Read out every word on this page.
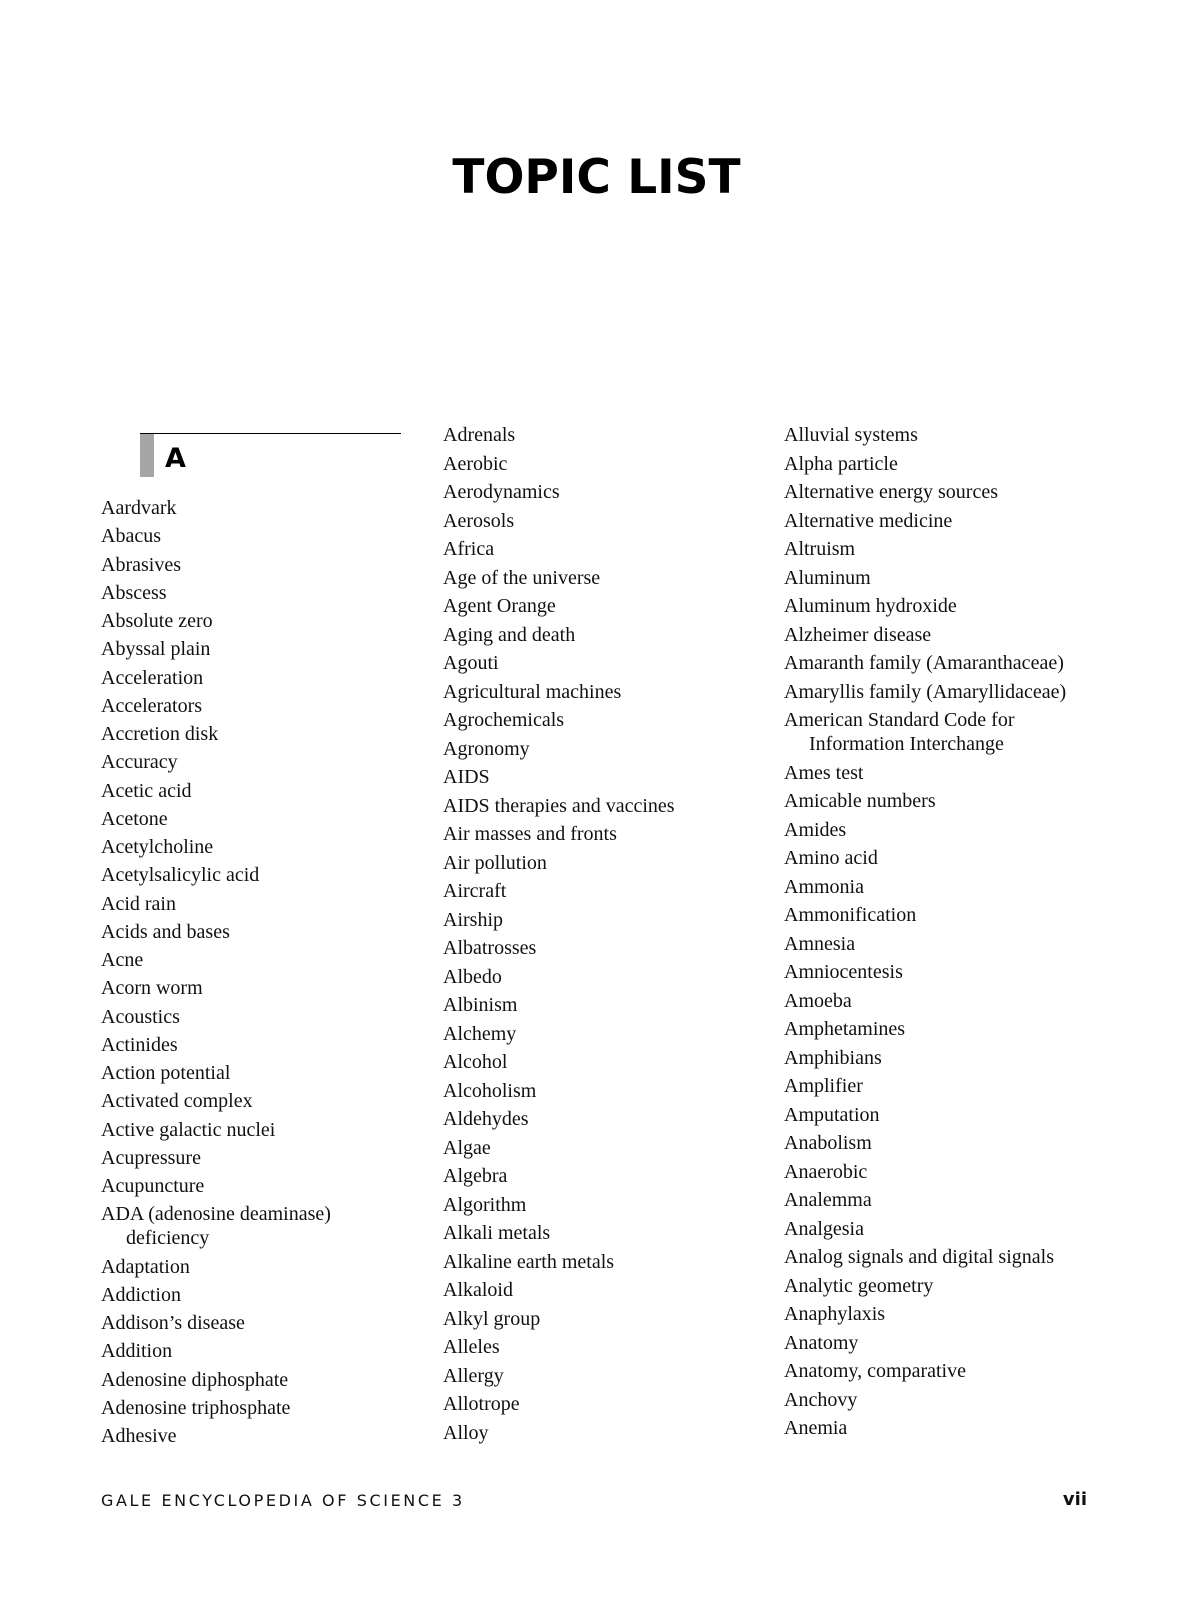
TOPIC LIST
A
Aardvark
Abacus
Abrasives
Abscess
Absolute zero
Abyssal plain
Acceleration
Accelerators
Accretion disk
Accuracy
Acetic acid
Acetone
Acetylcholine
Acetylsalicylic acid
Acid rain
Acids and bases
Acne
Acorn worm
Acoustics
Actinides
Action potential
Activated complex
Active galactic nuclei
Acupressure
Acupuncture
ADA (adenosine deaminase)
deficiency
Adaptation
Addiction
Addison’s disease
Addition
Adenosine diphosphate
Adenosine triphosphate
Adhesive
Adrenals
Aerobic
Aerodynamics
Aerosols
Africa
Age of the universe
Agent Orange
Aging and death
Agouti
Agricultural machines
Agrochemicals
Agronomy
AIDS
AIDS therapies and vaccines
Air masses and fronts
Air pollution
Aircraft
Airship
Albatrosses
Albedo
Albinism
Alchemy
Alcohol
Alcoholism
Aldehydes
Algae
Algebra
Algorithm
Alkali metals
Alkaline earth metals
Alkaloid
Alkyl group
Alleles
Allergy
Allotrope
Alloy
Alluvial systems
Alpha particle
Alternative energy sources
Alternative medicine
Altruism
Aluminum
Aluminum hydroxide
Alzheimer disease
Amaranth family (Amaranthaceae)
Amaryllis family (Amaryllidaceae)
American Standard Code for
Information Interchange
Ames test
Amicable numbers
Amides
Amino acid
Ammonia
Ammonification
Amnesia
Amniocentesis
Amoeba
Amphetamines
Amphibians
Amplifier
Amputation
Anabolism
Anaerobic
Analemma
Analgesia
Analog signals and digital signals
Analytic geometry
Anaphylaxis
Anatomy
Anatomy, comparative
Anchovy
Anemia
GALE ENCYCLOPEDIA OF SCIENCE 3	vii
